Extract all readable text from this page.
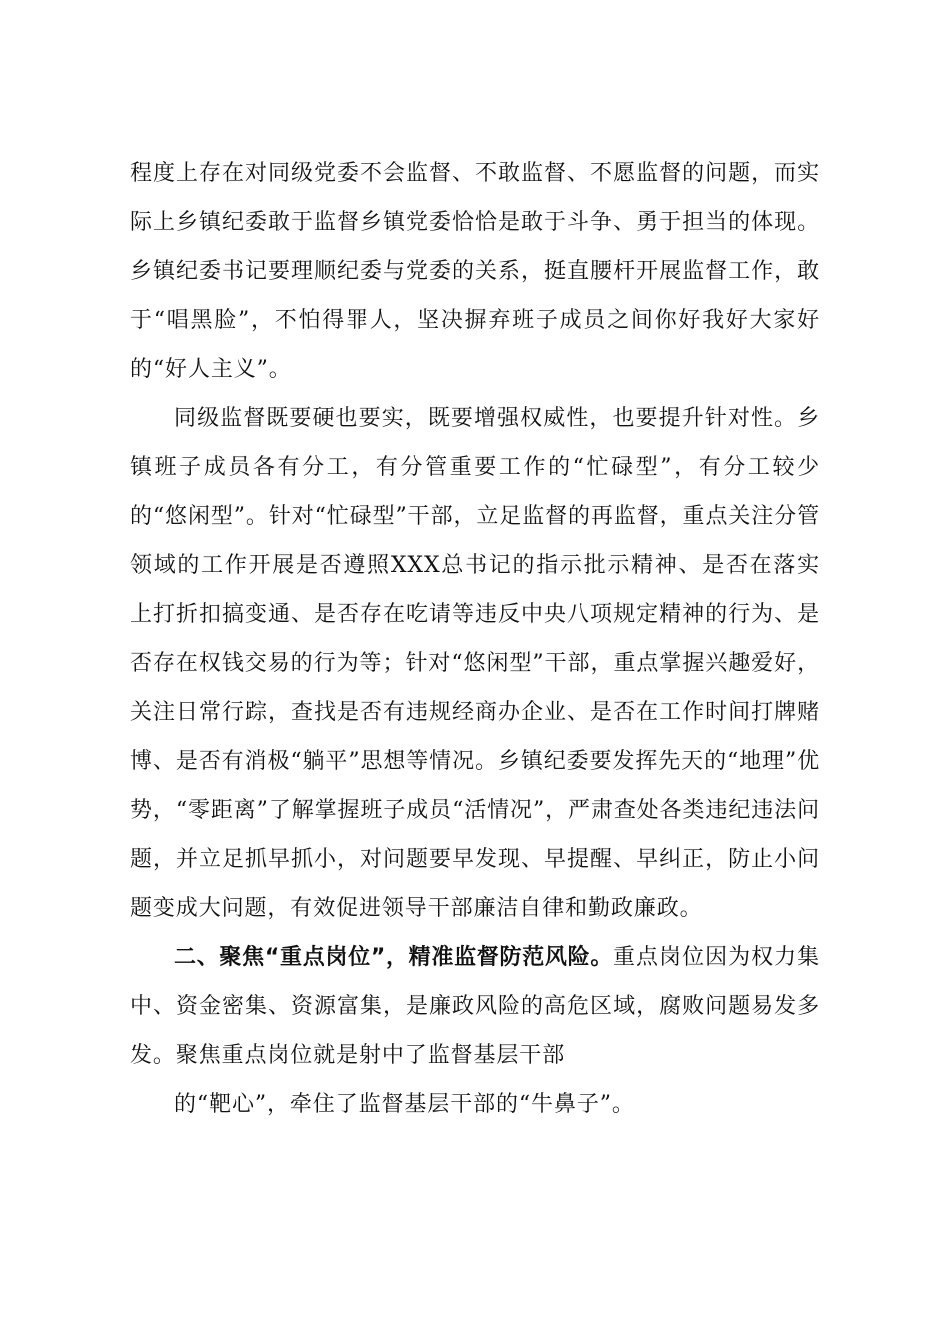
程度上存在对同级党委不会监督、不敢监督、不愿监督的问题，而实际上乡镇纪委敢于监督乡镇党委恰恰是敢于斗争、勇于担当的体现。乡镇纪委书记要理顺纪委与党委的关系，挺直腰杆开展监督工作，敢于“唱黑脸”，不怕得罪人，坚决摒弃班子成员之间你好我好大家好的“好人主义”。

同级监督既要硬也要实，既要增强权威性，也要提升针对性。乡镇班子成员各有分工，有分管重要工作的“忙碌型”，有分工较少的“悠闲型”。针对“忙碌型”干部，立足监督的再监督，重点关注分管领域的工作开展是否遵照XXX总书记的指示批示精神、是否在落实上打折扣搞变通、是否存在吃请等违反中央八项规定精神的行为、是否存在权钱交易的行为等；针对“悠闲型”干部，重点掌握兴趣爱好，关注日常行踪，查找是否有违规经商办企业、是否在工作时间打牌赌博、是否有消极“躺平”思想等情况。乡镇纪委要发挥先天的“地理”优势，“零距离”了解掌握班子成员“活情况”，严肃查处各类违纪违法问题，并立足抓早抓小，对问题要早发现、早提醒、早纠正，防止小问题变成大问题，有效促进领导干部廉洁自律和勤政廉政。

二、聚焦“重点岗位”，精准监督防范风险。重点岗位因为权力集中、资金密集、资源富集，是廉政风险的高危区域，腐败问题易发多发。聚焦重点岗位就是射中了监督基层干部
的“靶心”，牵住了监督基层干部的“牛鼻子”。
